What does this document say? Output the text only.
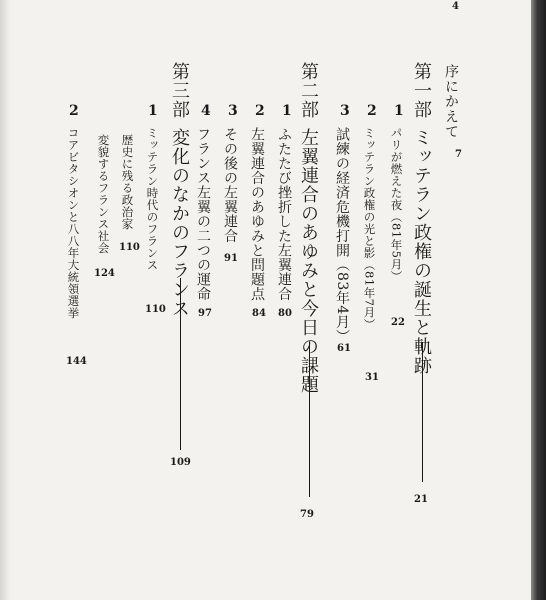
4
序にかえて
7
第一部
ミッテラン政権の誕生と軌跡
21
1
パリが燃えた夜（81年5月）
22
2
ミッテラン政権の光と影（81年7月）
31
3
試練の経済危機打開（83年4月）
61
第二部
左翼連合のあゆみと今日の課題
79
1
ふたたび挫折した左翼連合
80
2
左翼連合のあゆみと問題点
84
3
その後の左翼連合
91
4
フランス左翼の二つの運命
97
第三部
変化のなかのフランス
109
1
ミッテラン時代のフランス
110
歴史に残る政治家
110
変貌するフランス社会
124
2
コアビタシオンと八八年大統領選挙
144
